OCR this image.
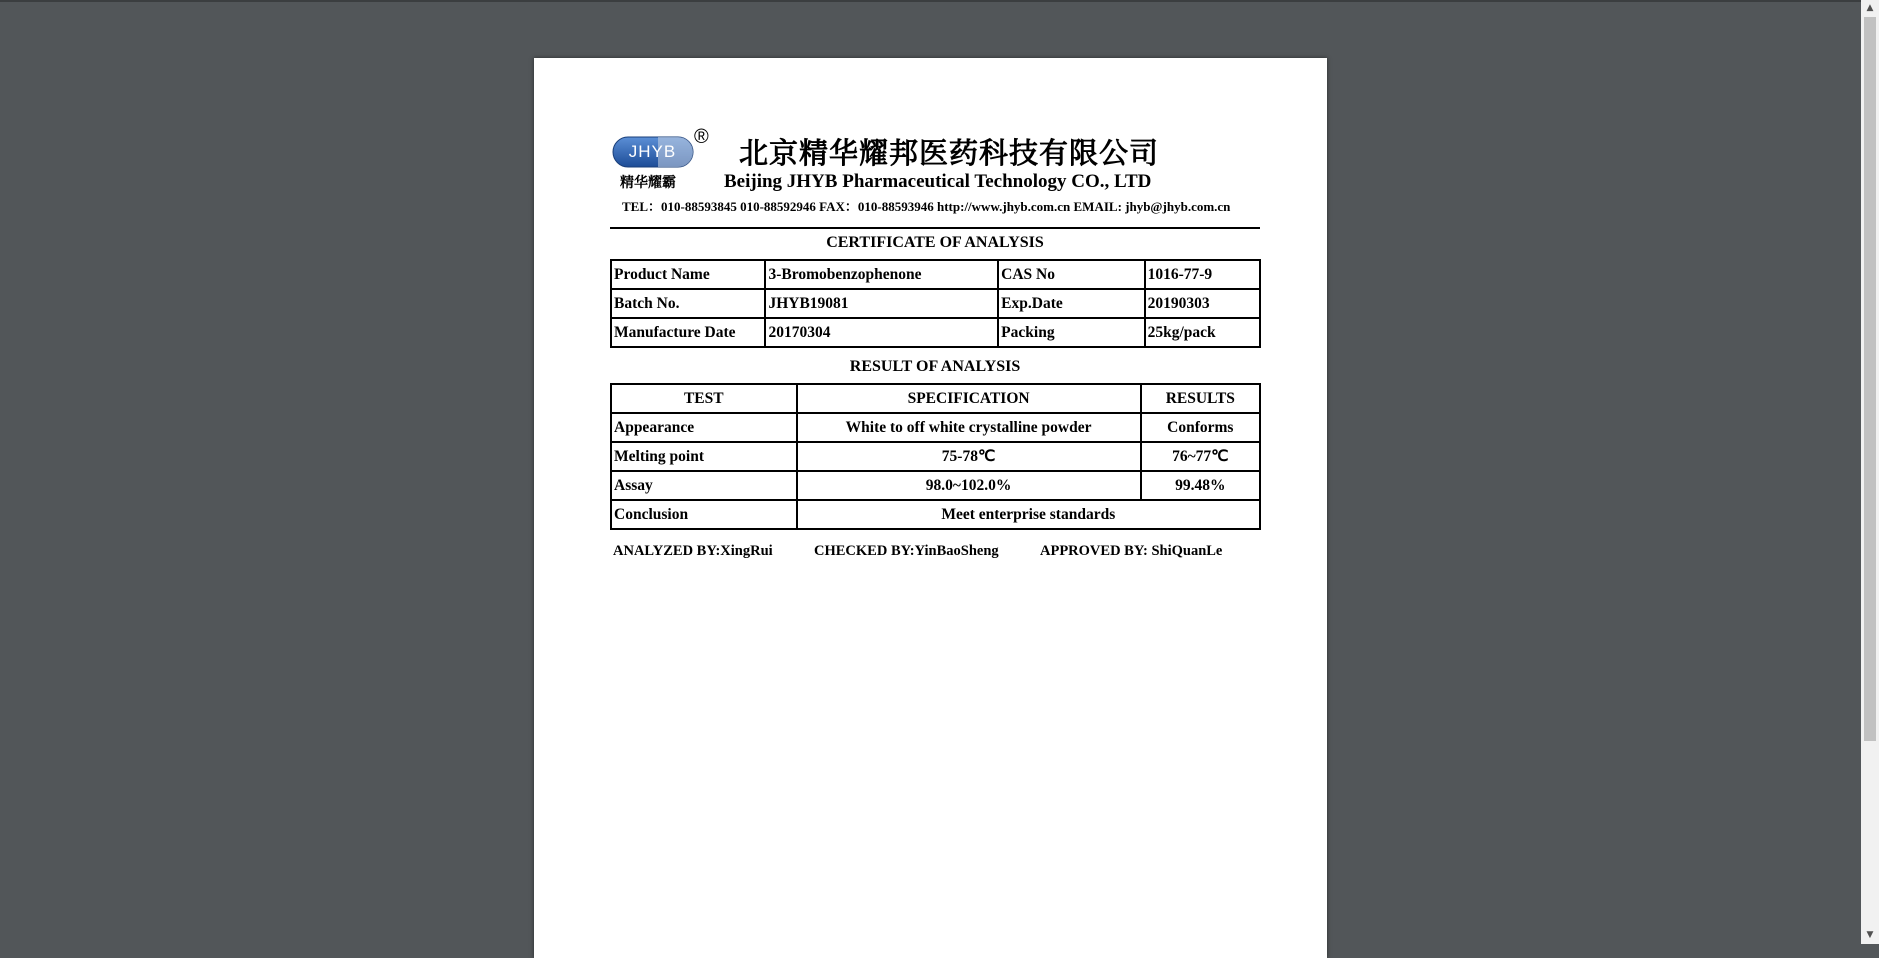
JHYB
®
精华耀霸
北京精华耀邦医药科技有限公司
Beijing JHYB Pharmaceutical Technology CO., LTD
TEL：010-88593845 010-88592946 FAX：010-88593946 http://www.jhyb.com.cn EMAIL: jhyb@jhyb.com.cn
CERTIFICATE OF ANALYSIS
Product Name	3-Bromobenzophenone	CAS No	1016-77-9
Batch No.	JHYB19081	Exp.Date	20190303
Manufacture Date	20170304	Packing	25kg/pack
RESULT OF ANALYSIS
TEST	SPECIFICATION	RESULTS
Appearance	White to off white crystalline powder	Conforms
Melting point	75-78℃	76~77℃
Assay	98.0~102.0%	99.48%
Conclusion	Meet enterprise standards	
ANALYZED BY:XingRui	CHECKED BY:YinBaoSheng	APPROVED BY: ShiQuanLe
▲
▼
